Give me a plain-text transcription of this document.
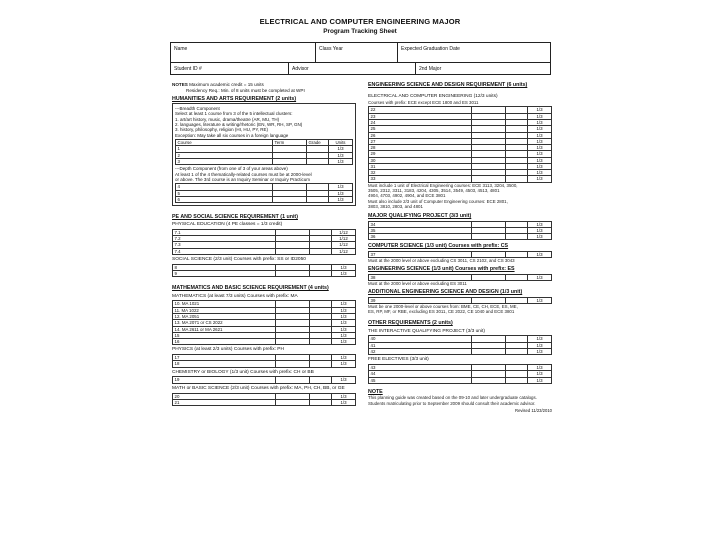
ELECTRICAL AND COMPUTER ENGINEERING MAJOR
Program Tracking Sheet
Name	Class Year	Expected Graduation Date
Student ID #	Advisor	2nd Major
NOTES Maximum academic credit = 15 units
Residency Req.: Min. of 8 units must be completed at WPI
HUMANITIES AND ARTS REQUIREMENT (2 units)
---Breadth Component
Select at least 1 course from 3 of the 5 intellectual clusters:
1. art/art history, music, drama/theatre (AR, MU, TH)
2. languages, literature & writing/rhetoric (EN, WR, RH, SP, GN)
3. history, philosophy, religion (HI, HU, PY, RE)
Exception: May take all six courses in a foreign language
Course	Term	Grade	Units
1			1/3
2			1/3
3			1/3
---Depth Component (from one of 3 of your areas above)
At least 1 of the 4 thematically-related courses must be at 2000-level
or above. The 3rd course is an Inquiry Seminar or Inquiry Practicum
4			1/3
5			1/3
6			1/3
PE AND SOCIAL SCIENCE REQUIREMENT (1 unit)
PHYSICAL EDUCATION (4 PE classes = 1/3 credit)
7.1			1/12
7.2			1/12
7.3			1/12
7.4			1/12
SOCIAL SCIENCE (2/3 unit) Courses with prefix: SS or ID2050
8			1/3
9			1/3
MATHEMATICS AND BASIC SCIENCE REQUIREMENT (4 units)
MATHEMATICS (at least 7/3 units) Courses with prefix: MA
10. MA 1021			1/3
11. MA 1022			1/3
12. MA 2051			1/3
13. MA 2071 or CS 2022			1/3
14. MA 2611 or MA 2621			1/3
15			1/3
16			1/3
PHYSICS (at least 2/3 units) Courses with prefix: PH
17			1/3
18			1/3
CHEMISTRY or BIOLOGY (1/3 unit) Courses with prefix: CH or BB
19			1/3
MATH or BASIC SCIENCE (2/3 unit) Courses with prefix: MA, PH, CH, BB, or GE
20			1/3
21			1/3
ENGINEERING SCIENCE AND DESIGN REQUIREMENT (6 units)
ELECTRICAL AND COMPUTER ENGINEERING (12/3 units)
Courses with prefix: ECE except ECE 1800 and ES 3011
22			1/3
23			1/3
24			1/3
25			1/3
26			1/3
27			1/3
28			1/3
29			1/3
30			1/3
31			1/3
32			1/3
33			1/3
Must include 1 unit of Electrical Engineering courses: ECE 3113, 3204, 3500,
3505, 2312, 3311, 3183, 4204, 4305, 3514, 3549, 4503, 4513, 4801
4904, 4703, 4902, 4904, and ECE 3801
Must also include 2/3 unit of Computer Engineering courses: ECE 2801,
3803, 3810, 2803, and 4801
MAJOR QUALIFYING PROJECT (3/3 unit)
34			1/3
35			1/3
36			1/3
COMPUTER SCIENCE (1/3 unit) Courses with prefix: CS
37			1/3
Must at the 2000 level or above excluding CS 3011, CS 2102, and CS 3043
ENGINEERING SCIENCE (1/3 unit) Courses with prefix: ES
38			1/3
Must at the 2000 level or above excluding ES 3011
ADDITIONAL ENGINEERING SCIENCE AND DESIGN (1/3 unit)
39			1/3
Must be one 2000-level or above courses from: BME, CE, CH, ECE, ES, ME,
ES, RP, MF, or RBE, excluding ES 3011, CE 2022, CE 1040 and ECE 3801
OTHER REQUIREMENTS (2 units)
THE INTERACTIVE QUALIFYING PROJECT (3/3 unit)
40			1/3
41			1/3
42			1/3
FREE ELECTIVES (3/3 unit)
43			1/3
44			1/3
45			1/3
NOTE
This planning guide was created based on the 09-10 and later undergraduate catalogs. Students matriculating prior to September 2009 should consult their academic advisor.
Revised 11/23/2010
